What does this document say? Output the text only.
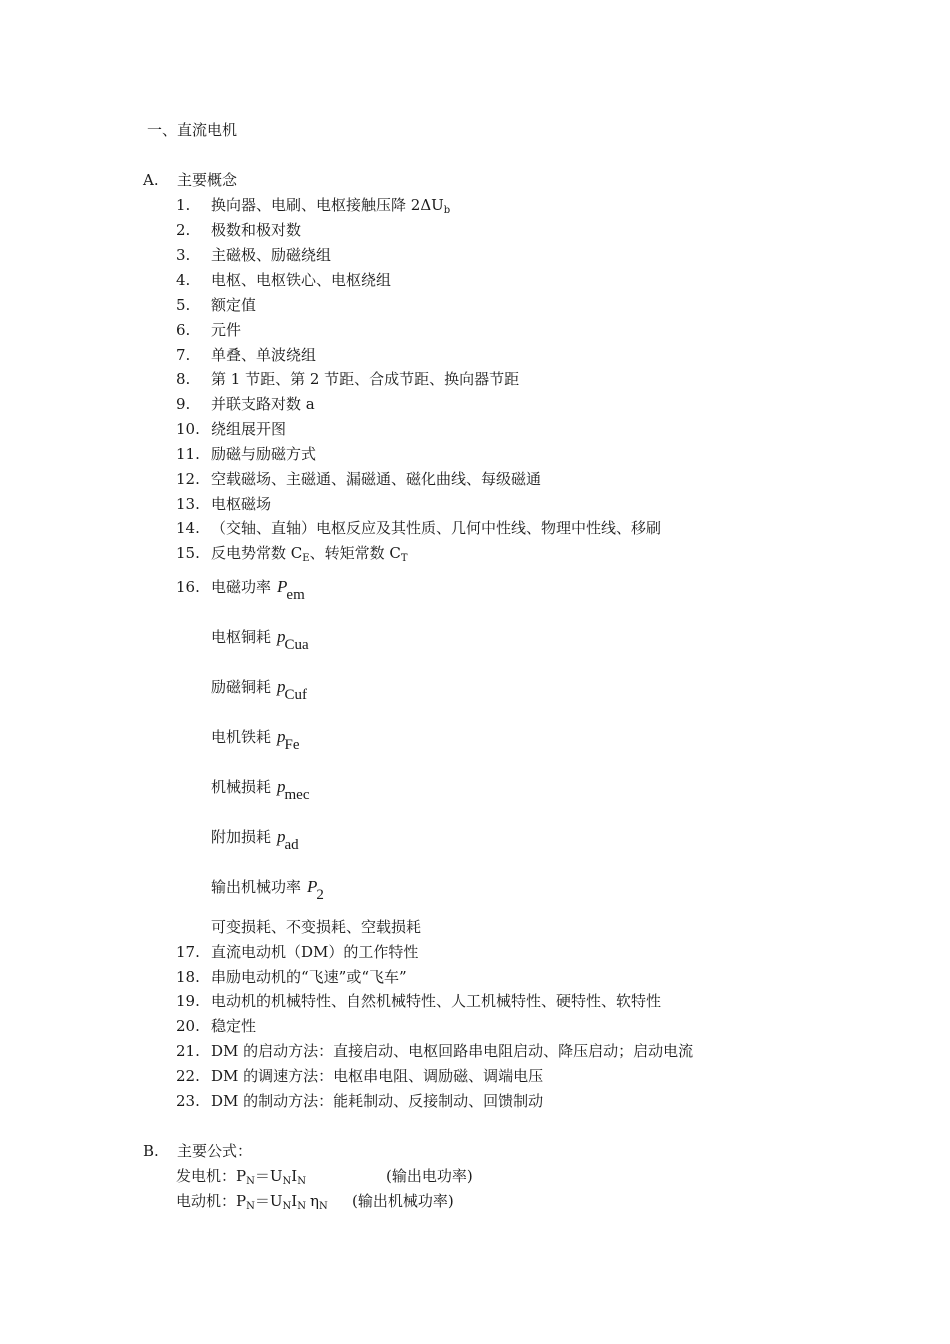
一、直流电机
A. 主要概念
1. 换向器、电刷、电枢接触压降 $2\Delta U_b$
2. 极数和极对数
3. 主磁极、励磁绕组
4. 电枢、电枢铁心、电枢绕组
5. 额定值
6. 元件
7. 单叠、单波绕组
8. 第 1 节距、第 2 节距、合成节距、换向器节距
9. 并联支路对数 a
10. 绕组展开图
11. 励磁与励磁方式
12. 空载磁场、主磁通、漏磁通、磁化曲线、每级磁通
13. 电枢磁场
14. （交轴、直轴）电枢反应及其性质、几何中性线、物理中性线、移刷
15. 反电势常数 $C_E$、转矩常数 $C_T$
16. 电磁功率 $P_{em}$
电枢铜耗 $p_{Cua}$
励磁铜耗 $p_{Cuf}$
电机铁耗 $p_{Fe}$
机械损耗 $p_{mec}$
附加损耗 $p_{ad}$
输出机械功率 $P_2$
可变损耗、不变损耗、空载损耗
17. 直流电动机（DM）的工作特性
18. 串励电动机的“飞速”或“飞车”
19. 电动机的机械特性、自然机械特性、人工机械特性、硬特性、软特性
20. 稳定性
21. DM 的启动方法：直接启动、电枢回路串电阻启动、降压启动；启动电流
22. DM 的调速方法：电枢串电阻、调励磁、调端电压
23. DM 的制动方法：能耗制动、反接制动、回馈制动
B. 主要公式：
发电机：$P_N=U_NI_N$	(输出电功率)
电动机：$P_N=U_NI_N$ $\eta_N$ (输出机械功率)
